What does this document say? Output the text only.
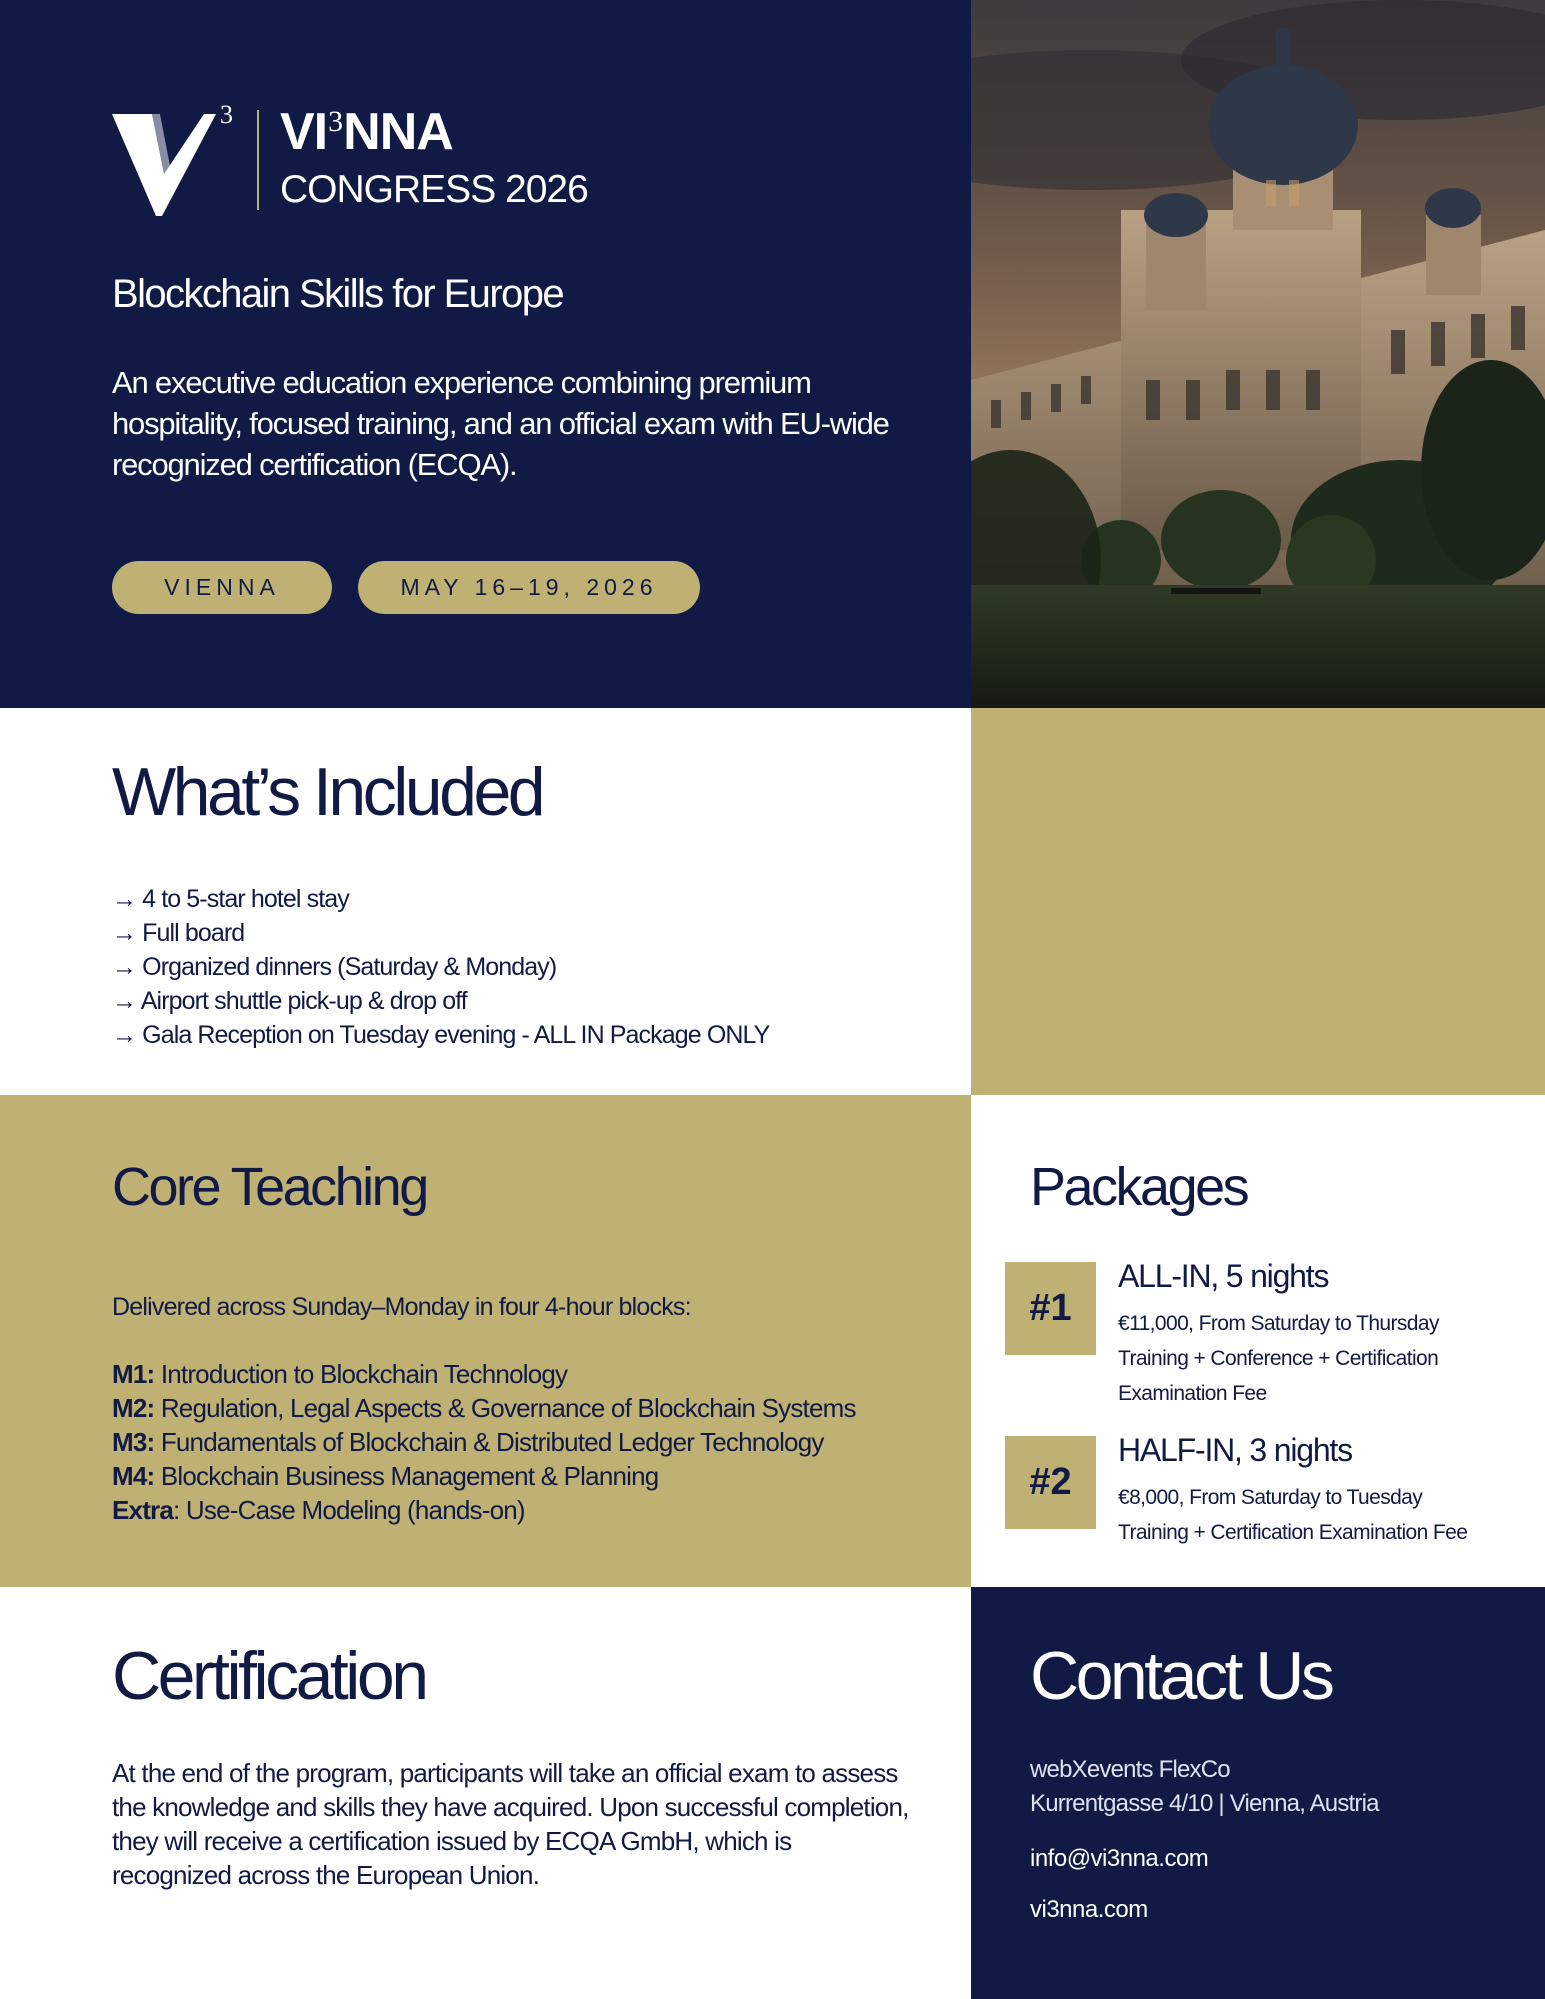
3 $VI^3NNA$
CONGRESS 2026
Blockchain Skills for Europe
An executive education experience combining premium hospitality, focused training, and an official exam with EU-wide recognized certification (ECQA).
VIENNA	MAY 16–19, 2026
What’s Included
→ 4 to 5-star hotel stay
→ Full board
→ Organized dinners (Saturday & Monday)
→ Airport shuttle pick-up & drop off
→ Gala Reception on Tuesday evening - ALL IN Package ONLY
Core Teaching
Delivered across Sunday–Monday in four 4-hour blocks:
M1: Introduction to Blockchain Technology
M2: Regulation, Legal Aspects & Governance of Blockchain Systems
M3: Fundamentals of Blockchain & Distributed Ledger Technology
M4: Blockchain Business Management & Planning
Extra: Use-Case Modeling (hands-on)
Packages
#1
ALL-IN, 5 nights
€11,000, From Saturday to Thursday
Training + Conference + Certification
Examination Fee
#2
HALF-IN, 3 nights
€8,000, From Saturday to Tuesday
Training + Certification Examination Fee
Certification
At the end of the program, participants will take an official exam to assess the knowledge and skills they have acquired. Upon successful completion, they will receive a certification issued by ECQA GmbH, which is recognized across the European Union.
Contact Us
webXevents FlexCo
Kurrentgasse 4/10 | Vienna, Austria
info@vi3nna.com
vi3nna.com
